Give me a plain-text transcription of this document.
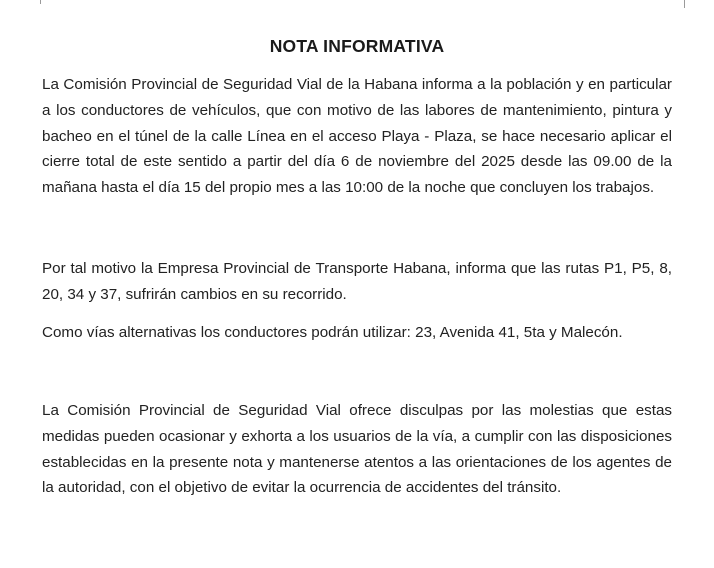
NOTA INFORMATIVA

La Comisión Provincial de Seguridad Vial de la Habana informa a la población y en particular a los conductores de vehículos, que con motivo de las labores de mantenimiento, pintura y bacheo en el túnel de la calle Línea en el acceso Playa - Plaza, se hace necesario aplicar el cierre total de este sentido a partir del día 6 de noviembre del 2025 desde las 09.00 de la mañana hasta el día 15 del propio mes a las 10:00 de la noche que concluyen los trabajos.

Por tal motivo la Empresa Provincial de Transporte Habana, informa que las rutas P1, P5, 8, 20, 34 y 37, sufrirán cambios en su recorrido.

Como vías alternativas los conductores podrán utilizar: 23, Avenida 41, 5ta y Malecón.

La Comisión Provincial de Seguridad Vial ofrece disculpas por las molestias que estas medidas pueden ocasionar y exhorta a los usuarios de la vía, a cumplir con las disposiciones establecidas en la presente nota y mantenerse atentos a las orientaciones de los agentes de la autoridad, con el objetivo de evitar la ocurrencia de accidentes del tránsito.
